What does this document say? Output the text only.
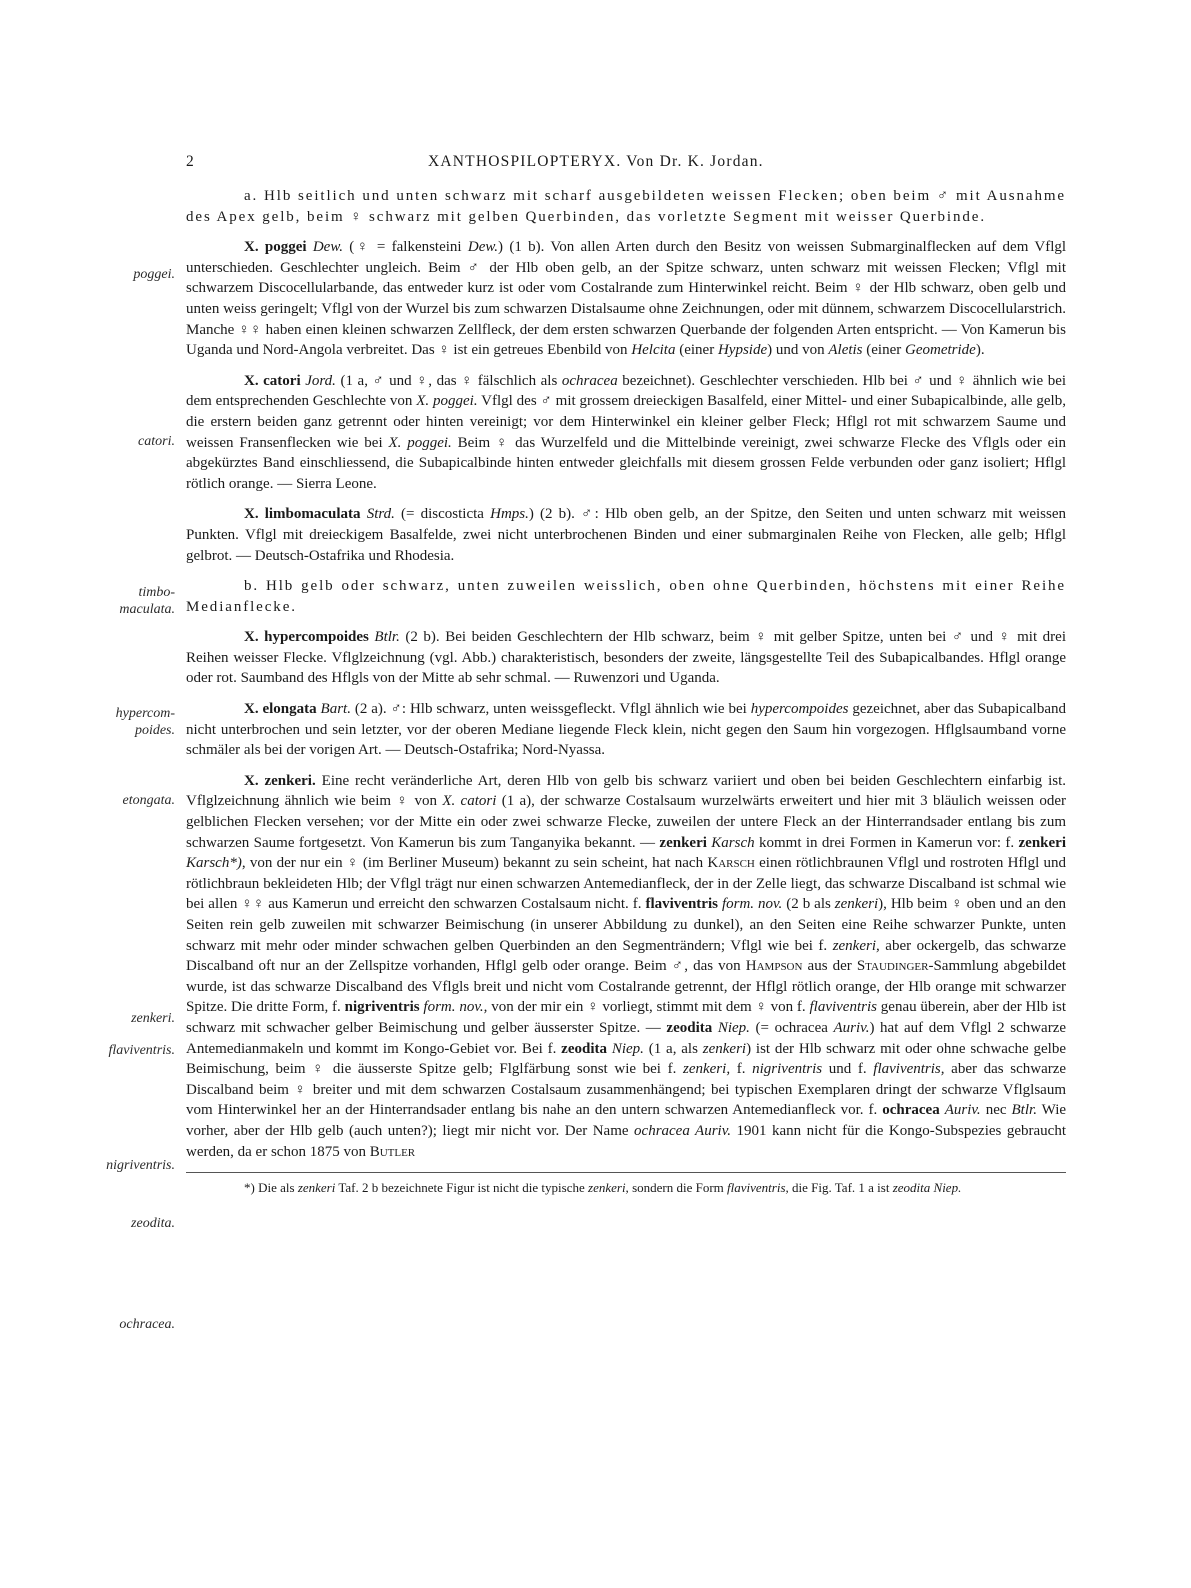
2	XANTHOSPILOPTERYX. Von Dr. K. Jordan.
poggei.
catori.
timbo-
maculata.
hypercom-
poides.
etongata.
zenkeri.
flaviventris.
nigriventris.
zeodita.
ochracea.

a. Hlb seitlich und unten schwarz mit scharf ausgebildeten weissen Flecken; oben beim ♂ mit Ausnahme des Apex gelb, beim ♀ schwarz mit gelben Querbinden, das vorletzte Segment mit weisser Querbinde.

X. poggei Dew. (♀ = falkensteini Dew.) (1 b). Von allen Arten durch den Besitz von weissen Submarginalflecken auf dem Vflgl unterschieden. Geschlechter ungleich. Beim ♂ der Hlb oben gelb, an der Spitze schwarz, unten schwarz mit weissen Flecken; Vflgl mit schwarzem Discocellularbande, das entweder kurz ist oder vom Costalrande zum Hinterwinkel reicht. Beim ♀ der Hlb schwarz, oben gelb und unten weiss geringelt; Vflgl von der Wurzel bis zum schwarzen Distalsaume ohne Zeichnungen, oder mit dünnem, schwarzem Discocellularstrich. Manche ♀♀ haben einen kleinen schwarzen Zellfleck, der dem ersten schwarzen Querbande der folgenden Arten entspricht. — Von Kamerun bis Uganda und Nord-Angola verbreitet. Das ♀ ist ein getreues Ebenbild von Helcita (einer Hypside) und von Aletis (einer Geometride).

X. catori Jord. (1 a, ♂ und ♀, das ♀ fälschlich als ochracea bezeichnet). Geschlechter verschieden. Hlb bei ♂ und ♀ ähnlich wie bei dem entsprechenden Geschlechte von X. poggei. Vflgl des ♂ mit grossem dreieckigen Basalfeld, einer Mittel- und einer Subapicalbinde, alle gelb, die erstern beiden ganz getrennt oder hinten vereinigt; vor dem Hinterwinkel ein kleiner gelber Fleck; Hflgl rot mit schwarzem Saume und weissen Fransenflecken wie bei X. poggei. Beim ♀ das Wurzelfeld und die Mittelbinde vereinigt, zwei schwarze Flecke des Vflgls oder ein abgekürztes Band einschliessend, die Subapicalbinde hinten entweder gleichfalls mit diesem grossen Felde verbunden oder ganz isoliert; Hflgl rötlich orange. — Sierra Leone.

X. limbomaculata Strd. (= discosticta Hmps.) (2 b). ♂: Hlb oben gelb, an der Spitze, den Seiten und unten schwarz mit weissen Punkten. Vflgl mit dreieckigem Basalfelde, zwei nicht unterbrochenen Binden und einer submarginalen Reihe von Flecken, alle gelb; Hflgl gelbrot. — Deutsch-Ostafrika und Rhodesia.

b. Hlb gelb oder schwarz, unten zuweilen weisslich, oben ohne Querbinden, höchstens mit einer Reihe Medianflecke.

X. hypercompoides Btlr. (2 b). Bei beiden Geschlechtern der Hlb schwarz, beim ♀ mit gelber Spitze, unten bei ♂ und ♀ mit drei Reihen weisser Flecke. Vflglzeichnung (vgl. Abb.) charakteristisch, besonders der zweite, längsgestellte Teil des Subapicalbandes. Hflgl orange oder rot. Saumband des Hflgls von der Mitte ab sehr schmal. — Ruwenzori und Uganda.

X. elongata Bart. (2 a). ♂: Hlb schwarz, unten weissgefleckt. Vflgl ähnlich wie bei hypercompoides gezeichnet, aber das Subapicalband nicht unterbrochen und sein letzter, vor der oberen Mediane liegende Fleck klein, nicht gegen den Saum hin vorgezogen. Hflglsaumband vorne schmäler als bei der vorigen Art. — Deutsch-Ostafrika; Nord-Nyassa.

X. zenkeri. Eine recht veränderliche Art, deren Hlb von gelb bis schwarz variiert und oben bei beiden Geschlechtern einfarbig ist. Vflglzeichnung ähnlich wie beim ♀ von X. catori (1 a), der schwarze Costalsaum wurzelwärts erweitert und hier mit 3 bläulich weissen oder gelblichen Flecken versehen; vor der Mitte ein oder zwei schwarze Flecke, zuweilen der untere Fleck an der Hinterrandsader entlang bis zum schwarzen Saume fortgesetzt. Von Kamerun bis zum Tanganyika bekannt. — zenkeri Karsch kommt in drei Formen in Kamerun vor: f. zenkeri Karsch*), von der nur ein ♀ (im Berliner Museum) bekannt zu sein scheint, hat nach Karsch einen rötlichbraunen Vflgl und rostroten Hflgl und rötlichbraun bekleideten Hlb; der Vflgl trägt nur einen schwarzen Antemedianfleck, der in der Zelle liegt, das schwarze Discalband ist schmal wie bei allen ♀♀ aus Kamerun und erreicht den schwarzen Costalsaum nicht. f. flaviventris form. nov. (2 b als zenkeri), Hlb beim ♀ oben und an den Seiten rein gelb zuweilen mit schwarzer Beimischung (in unserer Abbildung zu dunkel), an den Seiten eine Reihe schwarzer Punkte, unten schwarz mit mehr oder minder schwachen gelben Querbinden an den Segmenträndern; Vflgl wie bei f. zenkeri, aber ockergelb, das schwarze Discalband oft nur an der Zellspitze vorhanden, Hflgl gelb oder orange. Beim ♂, das von Hampson aus der Staudinger-Sammlung abgebildet wurde, ist das schwarze Discalband des Vflgls breit und nicht vom Costalrande getrennt, der Hflgl rötlich orange, der Hlb orange mit schwarzer Spitze. Die dritte Form, f. nigriventris form. nov., von der mir ein ♀ vorliegt, stimmt mit dem ♀ von f. flaviventris genau überein, aber der Hlb ist schwarz mit schwacher gelber Beimischung und gelber äusserster Spitze. — zeodita Niep. (= ochracea Auriv.) hat auf dem Vflgl 2 schwarze Antemedianmakeln und kommt im Kongo-Gebiet vor. Bei f. zeodita Niep. (1 a, als zenkeri) ist der Hlb schwarz mit oder ohne schwache gelbe Beimischung, beim ♀ die äusserste Spitze gelb; Flglfärbung sonst wie bei f. zenkeri, f. nigriventris und f. flaviventris, aber das schwarze Discalband beim ♀ breiter und mit dem schwarzen Costalsaum zusammenhängend; bei typischen Exemplaren dringt der schwarze Vflglsaum vom Hinterwinkel her an der Hinterrandsader entlang bis nahe an den untern schwarzen Antemedianfleck vor. f. ochracea Auriv. nec Btlr. Wie vorher, aber der Hlb gelb (auch unten?); liegt mir nicht vor. Der Name ochracea Auriv. 1901 kann nicht für die Kongo-Subspezies gebraucht werden, da er schon 1875 von Butler

*) Die als zenkeri Taf. 2 b bezeichnete Figur ist nicht die typische zenkeri, sondern die Form flaviventris, die Fig. Taf. 1 a ist zeodita Niep.
